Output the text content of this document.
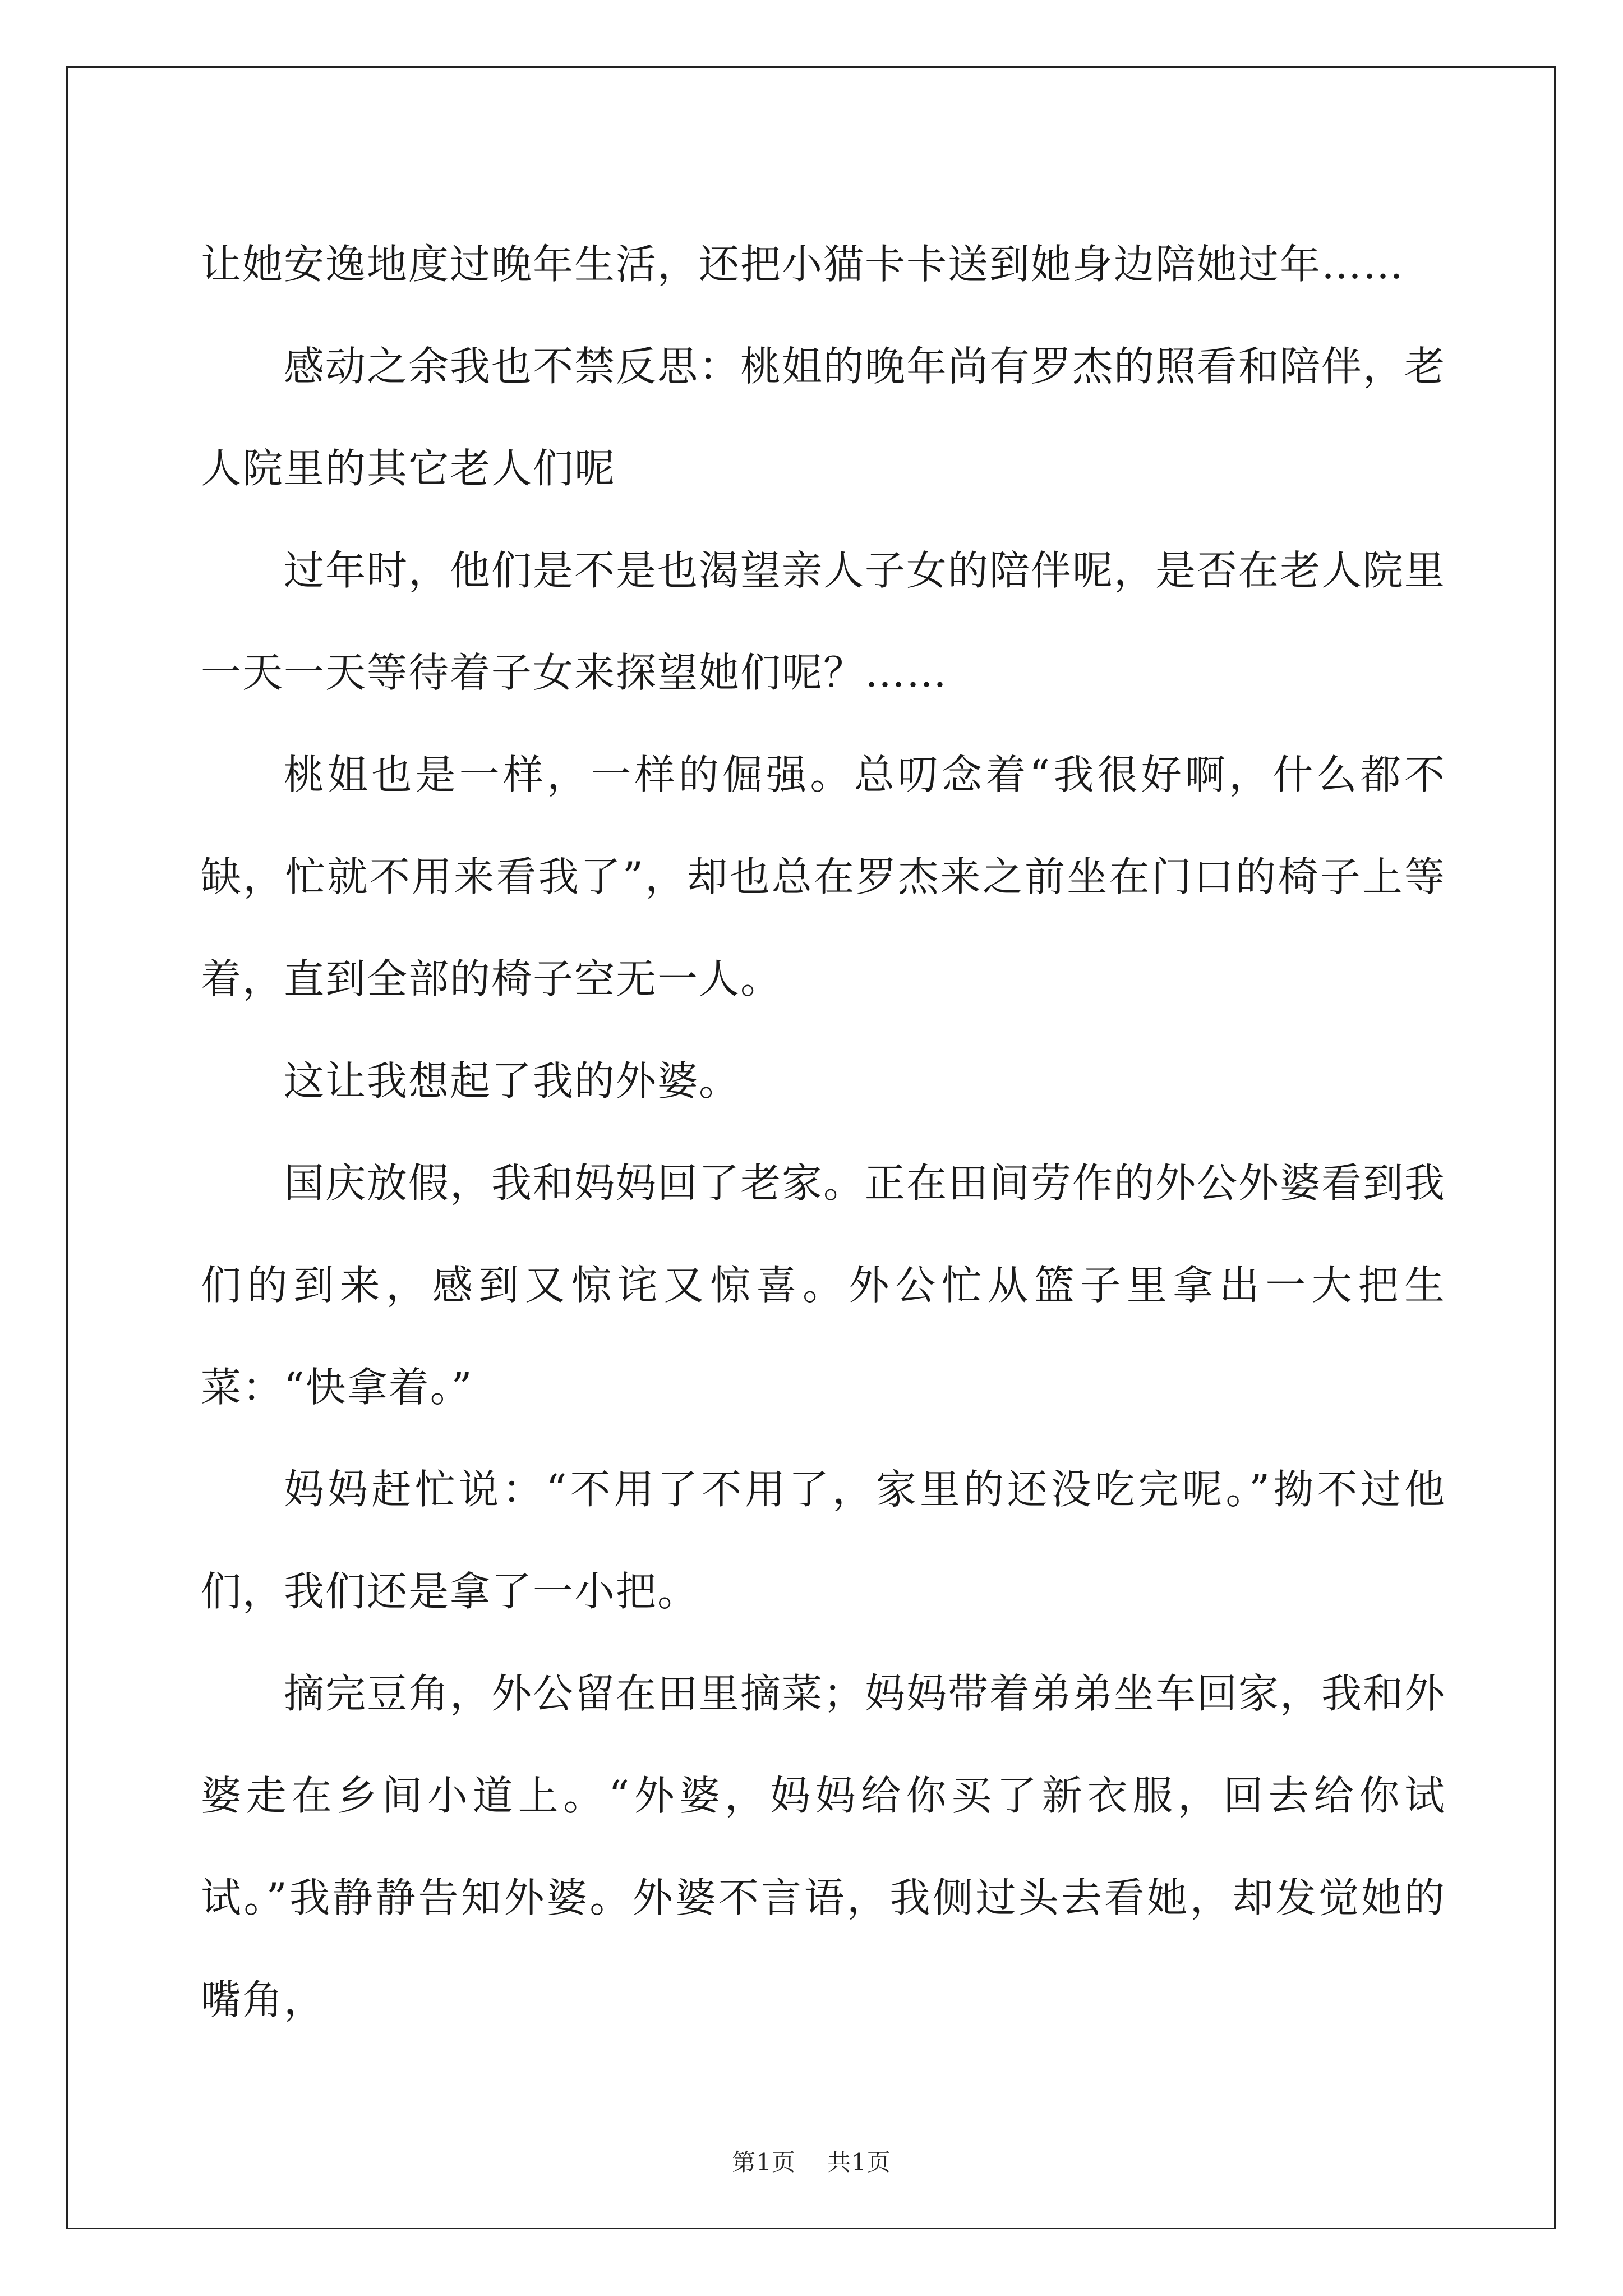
让她安逸地度过晚年生活，还把小猫卡卡送到她身边陪她过年……

感动之余我也不禁反思：桃姐的晚年尚有罗杰的照看和陪伴，老人院里的其它老人们呢

过年时，他们是不是也渴望亲人子女的陪伴呢，是否在老人院里一天一天等待着子女来探望她们呢？……

桃姐也是一样，一样的倔强。总叨念着“我很好啊，什么都不缺，忙就不用来看我了”，却也总在罗杰来之前坐在门口的椅子上等着，直到全部的椅子空无一人。

这让我想起了我的外婆。

国庆放假，我和妈妈回了老家。正在田间劳作的外公外婆看到我们的到来，感到又惊诧又惊喜。外公忙从篮子里拿出一大把生菜：“快拿着。”

妈妈赶忙说：“不用了不用了，家里的还没吃完呢。”拗不过他们，我们还是拿了一小把。

摘完豆角，外公留在田里摘菜；妈妈带着弟弟坐车回家，我和外婆走在乡间小道上。“外婆，妈妈给你买了新衣服，回去给你试试。”我静静告知外婆。外婆不言语，我侧过头去看她，却发觉她的嘴角，

第1页 共1页
